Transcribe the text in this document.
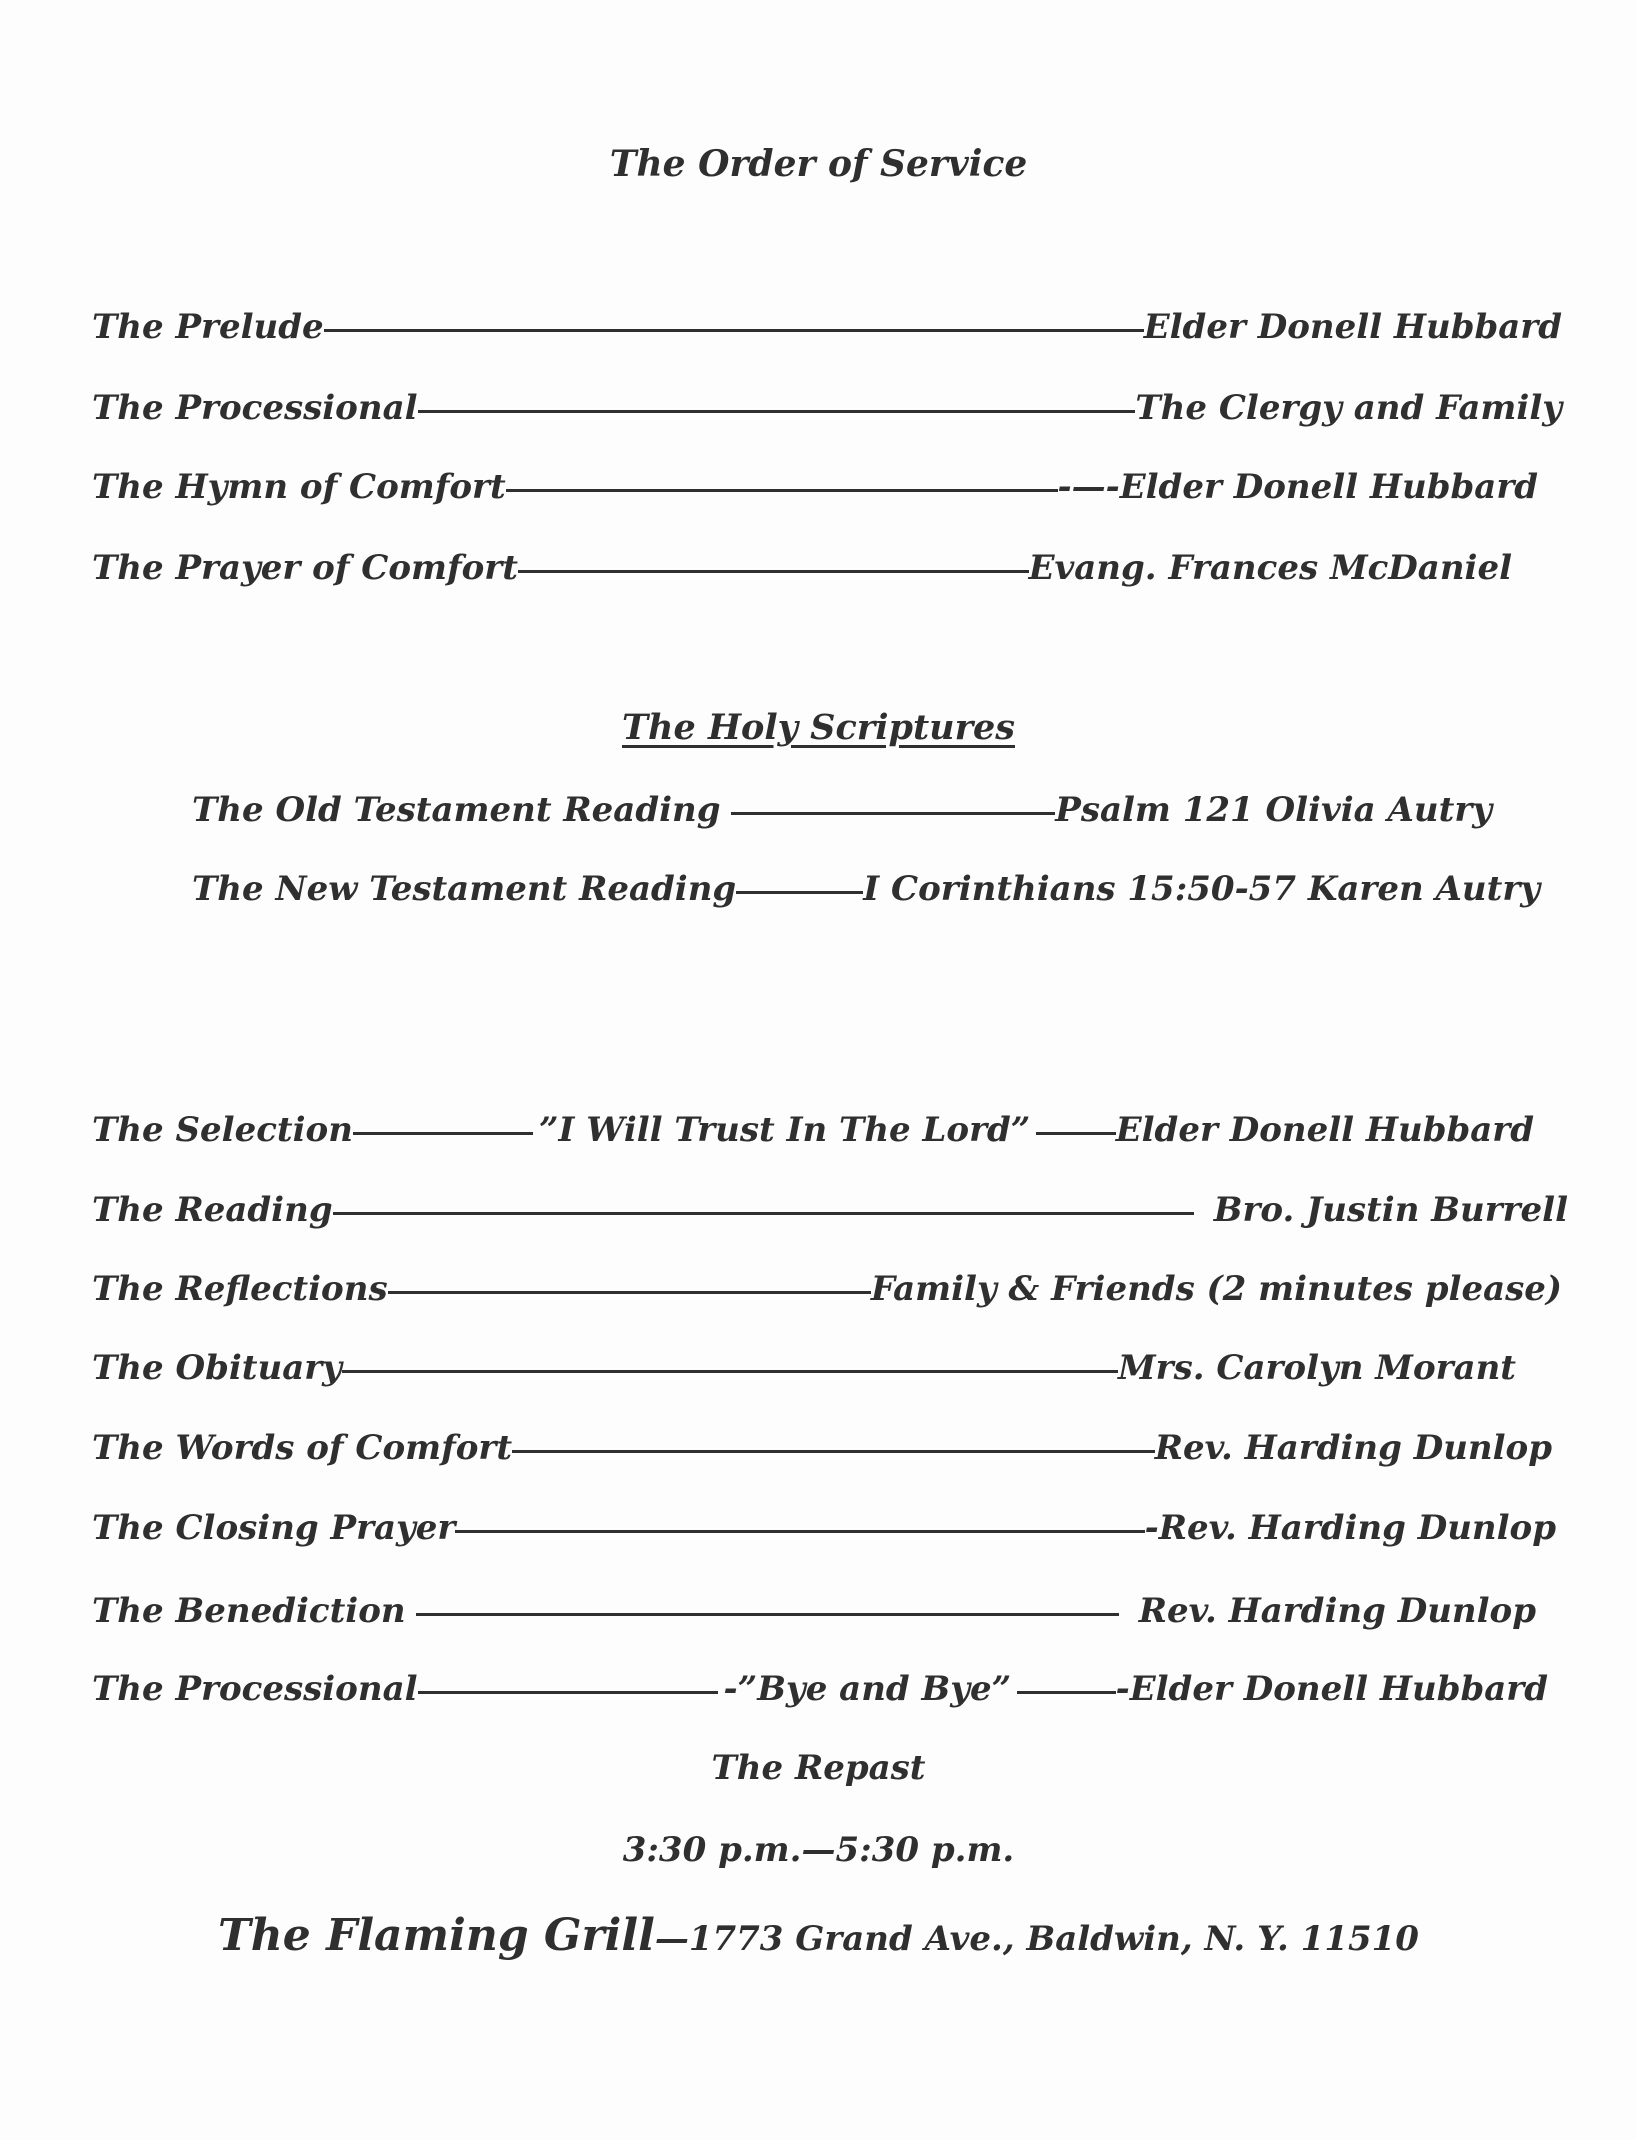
The Order of Service
The Prelude	Elder Donell Hubbard
The Processional	The Clergy and Family
The Hymn of Comfort	-—-Elder Donell Hubbard
The Prayer of Comfort	Evang. Frances McDaniel
The Holy Scriptures
The Old Testament Reading	Psalm 121 Olivia Autry
The New Testament Reading	I Corinthians 15:50-57 Karen Autry
The Selection	”I Will Trust In The Lord”	Elder Donell Hubbard
The Reading	Bro. Justin Burrell
The Reflections	Family & Friends (2 minutes please)
The Obituary	Mrs. Carolyn Morant
The Words of Comfort	Rev. Harding Dunlop
The Closing Prayer	-Rev. Harding Dunlop
The Benediction	Rev. Harding Dunlop
The Processional	-”Bye and Bye”	-Elder Donell Hubbard
The Repast
3:30 p.m.—5:30 p.m.
The Flaming Grill—1773 Grand Ave., Baldwin, N. Y. 11510
